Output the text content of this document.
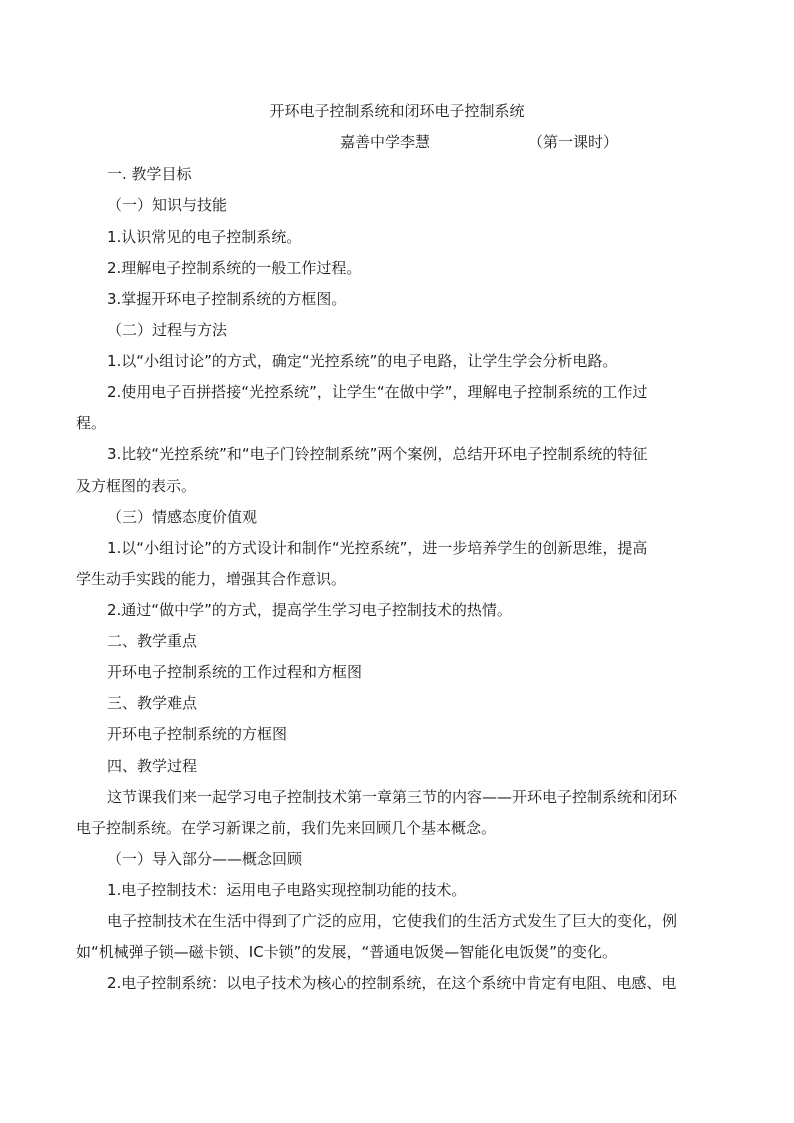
开环电子控制系统和闭环电子控制系统
嘉善中学李慧	（第一课时）
一. 教学目标
（一）知识与技能
1.认识常见的电子控制系统。
2.理解电子控制系统的一般工作过程。
3.掌握开环电子控制系统的方框图。
（二）过程与方法
1.以“小组讨论”的方式，确定“光控系统”的电子电路，让学生学会分析电路。
2.使用电子百拼搭接“光控系统”，让学生“在做中学”，理解电子控制系统的工作过
程。
3.比较“光控系统”和“电子门铃控制系统”两个案例，总结开环电子控制系统的特征
及方框图的表示。
（三）情感态度价值观
1.以“小组讨论”的方式设计和制作“光控系统”，进一步培养学生的创新思维，提高
学生动手实践的能力，增强其合作意识。
2.通过“做中学”的方式，提高学生学习电子控制技术的热情。
二、教学重点
开环电子控制系统的工作过程和方框图
三、教学难点
开环电子控制系统的方框图
四、教学过程
这节课我们来一起学习电子控制技术第一章第三节的内容——开环电子控制系统和闭环
电子控制系统。在学习新课之前，我们先来回顾几个基本概念。
（一）导入部分——概念回顾
1.电子控制技术：运用电子电路实现控制功能的技术。
电子控制技术在生活中得到了广泛的应用，它使我们的生活方式发生了巨大的变化，例
如“机械弹子锁—磁卡锁、IC卡锁”的发展，“普通电饭煲—智能化电饭煲”的变化。
2.电子控制系统：以电子技术为核心的控制系统，在这个系统中肯定有电阻、电感、电
